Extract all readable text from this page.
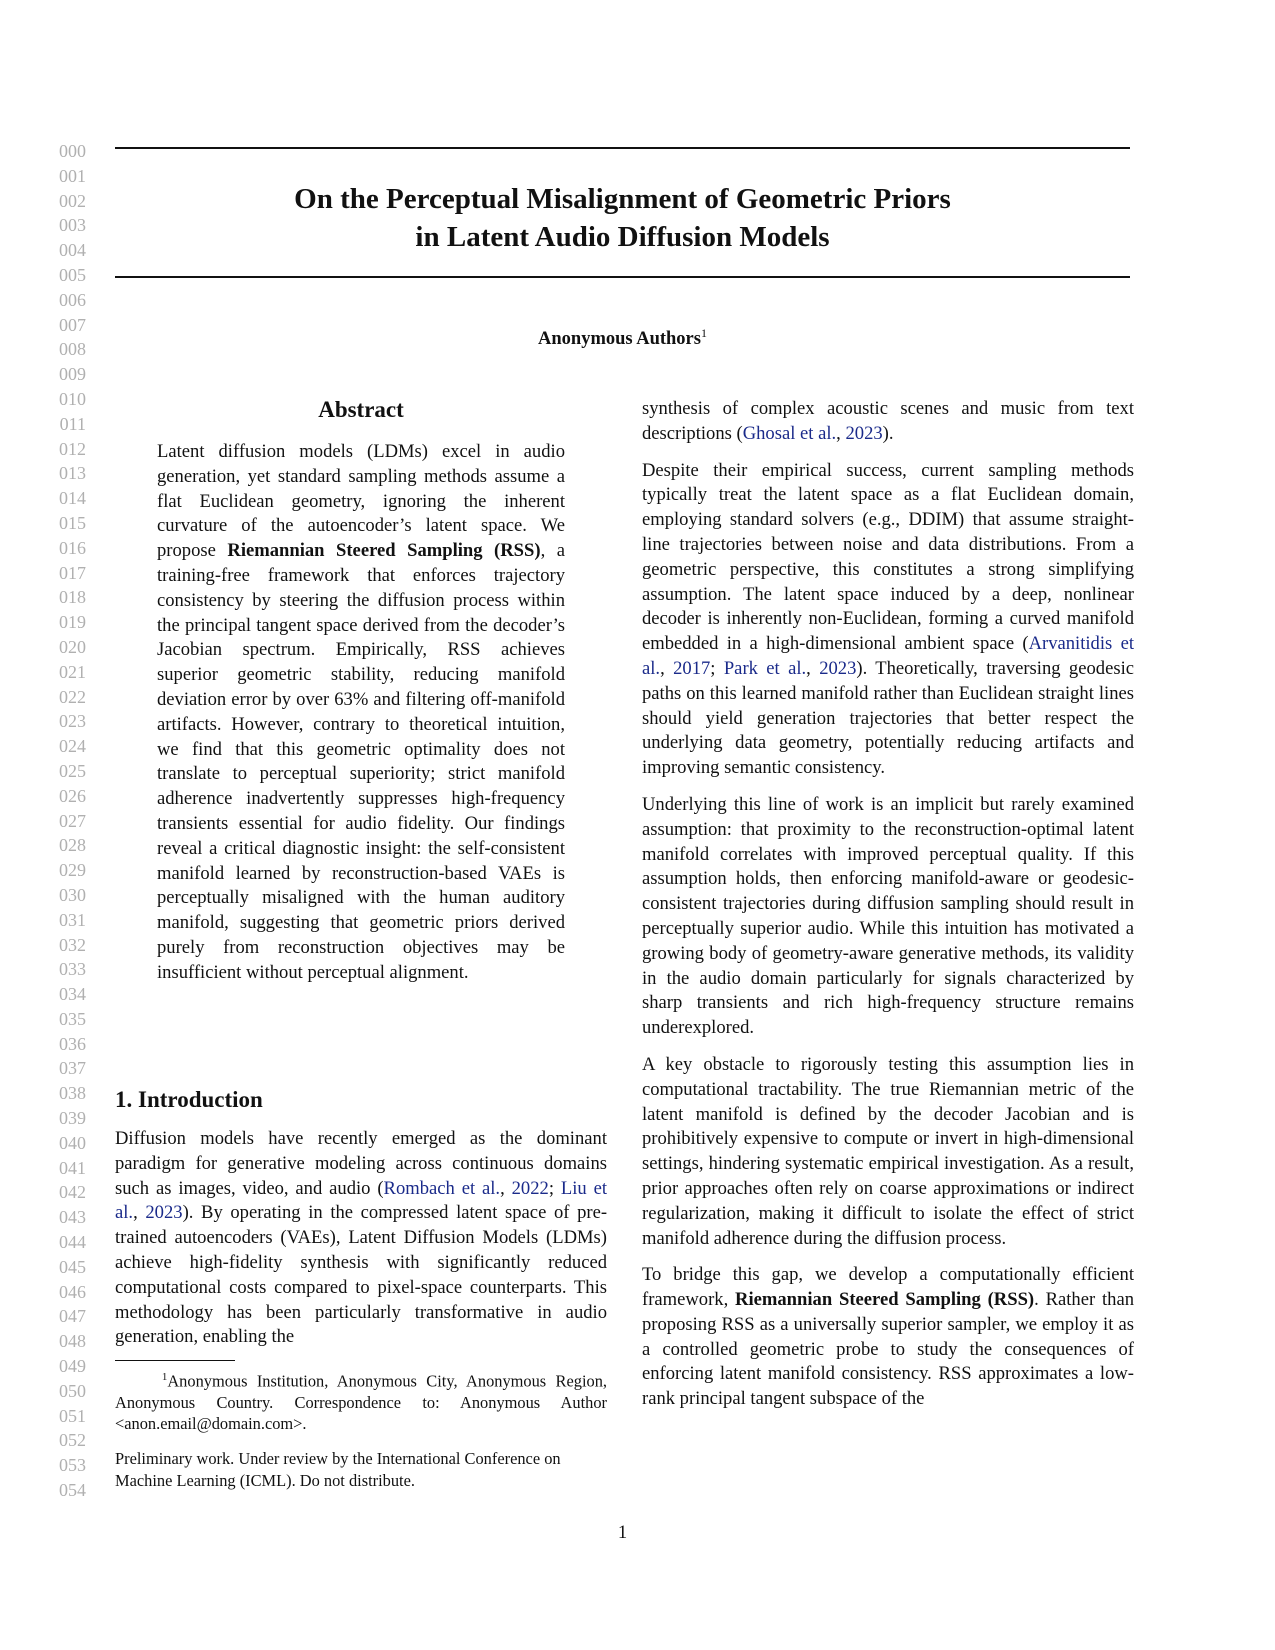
000
001
002
003
004
005
006
007
008
009
010
011
012
013
014
015
016
017
018
019
020
021
022
023
024
025
026
027
028
029
030
031
032
033
034
035
036
037
038
039
040
041
042
043
044
045
046
047
048
049
050
051
052
053
054
On the Perceptual Misalignment of Geometric Priors
in Latent Audio Diffusion Models
Anonymous Authors$^1$
Abstract

Latent diffusion models (LDMs) excel in audio generation, yet standard sampling methods assume a flat Euclidean geometry, ignoring the inherent curvature of the autoencoder’s latent space. We propose Riemannian Steered Sampling (RSS), a training-free framework that enforces trajectory consistency by steering the diffusion process within the principal tangent space derived from the decoder’s Jacobian spectrum. Empirically, RSS achieves superior geometric stability, reducing manifold deviation error by over 63% and filtering off-manifold artifacts. However, contrary to theoretical intuition, we find that this geometric optimality does not translate to perceptual superiority; strict manifold adherence inadvertently suppresses high-frequency transients essential for audio fidelity. Our findings reveal a critical diagnostic insight: the self-consistent manifold learned by reconstruction-based VAEs is perceptually misaligned with the human auditory manifold, suggesting that geometric priors derived purely from reconstruction objectives may be insufficient without perceptual alignment.

1. Introduction

Diffusion models have recently emerged as the dominant paradigm for generative modeling across continuous domains such as images, video, and audio (Rombach et al., 2022; Liu et al., 2023). By operating in the compressed latent space of pre-trained autoencoders (VAEs), Latent Diffusion Models (LDMs) achieve high-fidelity synthesis with significantly reduced computational costs compared to pixel-space counterparts. This methodology has been particularly transformative in audio generation, enabling the

synthesis of complex acoustic scenes and music from text descriptions (Ghosal et al., 2023).

Despite their empirical success, current sampling methods typically treat the latent space as a flat Euclidean domain, employing standard solvers (e.g., DDIM) that assume straight-line trajectories between noise and data distributions. From a geometric perspective, this constitutes a strong simplifying assumption. The latent space induced by a deep, nonlinear decoder is inherently non-Euclidean, forming a curved manifold embedded in a high-dimensional ambient space (Arvanitidis et al., 2017; Park et al., 2023). Theoretically, traversing geodesic paths on this learned manifold rather than Euclidean straight lines should yield generation trajectories that better respect the underlying data geometry, potentially reducing artifacts and improving semantic consistency.

Underlying this line of work is an implicit but rarely examined assumption: that proximity to the reconstruction-optimal latent manifold correlates with improved perceptual quality. If this assumption holds, then enforcing manifold-aware or geodesic-consistent trajectories during diffusion sampling should result in perceptually superior audio. While this intuition has motivated a growing body of geometry-aware generative methods, its validity in the audio domain particularly for signals characterized by sharp transients and rich high-frequency structure remains underexplored.

A key obstacle to rigorously testing this assumption lies in computational tractability. The true Riemannian metric of the latent manifold is defined by the decoder Jacobian and is prohibitively expensive to compute or invert in high-dimensional settings, hindering systematic empirical investigation. As a result, prior approaches often rely on coarse approximations or indirect regularization, making it difficult to isolate the effect of strict manifold adherence during the diffusion process.

To bridge this gap, we develop a computationally efficient framework, Riemannian Steered Sampling (RSS). Rather than proposing RSS as a universally superior sampler, we employ it as a controlled geometric probe to study the consequences of enforcing latent manifold consistency. RSS approximates a low-rank principal tangent subspace of the

$^1$Anonymous Institution, Anonymous City, Anonymous Region, Anonymous Country. Correspondence to: Anonymous Author <anon.email@domain.com>.

Preliminary work. Under review by the International Conference on Machine Learning (ICML). Do not distribute.
1
